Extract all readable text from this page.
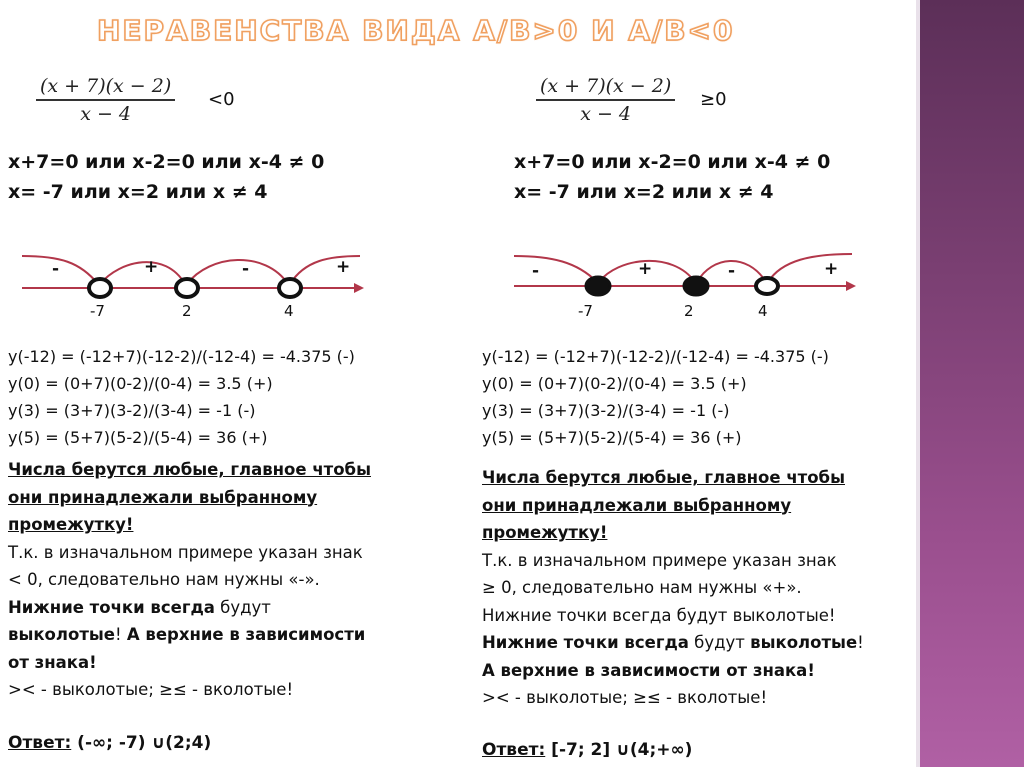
НЕРАВЕНСТВА ВИДА A/B>0 И A/B<0
$\frac{(x + 7)(x - 2)}{x - 4} <0$
x+7=0 или x-2=0 или x-4 ≠ 0
x= -7 или x=2 или x ≠ 4
-	+	-	+
-7	2	4
y(-12) = (-12+7)(-12-2)/(-12-4) = -4.375 (-)
y(0) = (0+7)(0-2)/(0-4) = 3.5 (+)
y(3) = (3+7)(3-2)/(3-4) = -1 (-)
y(5) = (5+7)(5-2)/(5-4) = 36 (+)
Числа берутся любые, главное чтобы
они принадлежали выбранному
промежутку!
Т.к. в изначальном примере указан знак
< 0, следовательно нам нужны «-».
Нижние точки всегда будут
выколотые! А верхние в зависимости
от знака!
>< - выколотые; ≥≤ - вколотые!
Ответ: (-∞; -7) ∪(2;4)
$\frac{(x + 7)(x - 2)}{x - 4} \ge 0$
x+7=0 или x-2=0 или x-4 ≠ 0
x= -7 или x=2 или x ≠ 4
-	+	-	+
-7	2	4
y(-12) = (-12+7)(-12-2)/(-12-4) = -4.375 (-)
y(0) = (0+7)(0-2)/(0-4) = 3.5 (+)
y(3) = (3+7)(3-2)/(3-4) = -1 (-)
y(5) = (5+7)(5-2)/(5-4) = 36 (+)
Числа берутся любые, главное чтобы
они принадлежали выбранному
промежутку!
Т.к. в изначальном примере указан знак
≥ 0, следовательно нам нужны «+».
Нижние точки всегда будут выколотые!
Нижние точки всегда будут выколотые!
А верхние в зависимости от знака!
>< - выколотые; ≥≤ - вколотые!
Ответ: [-7; 2] ∪(4;+∞)
